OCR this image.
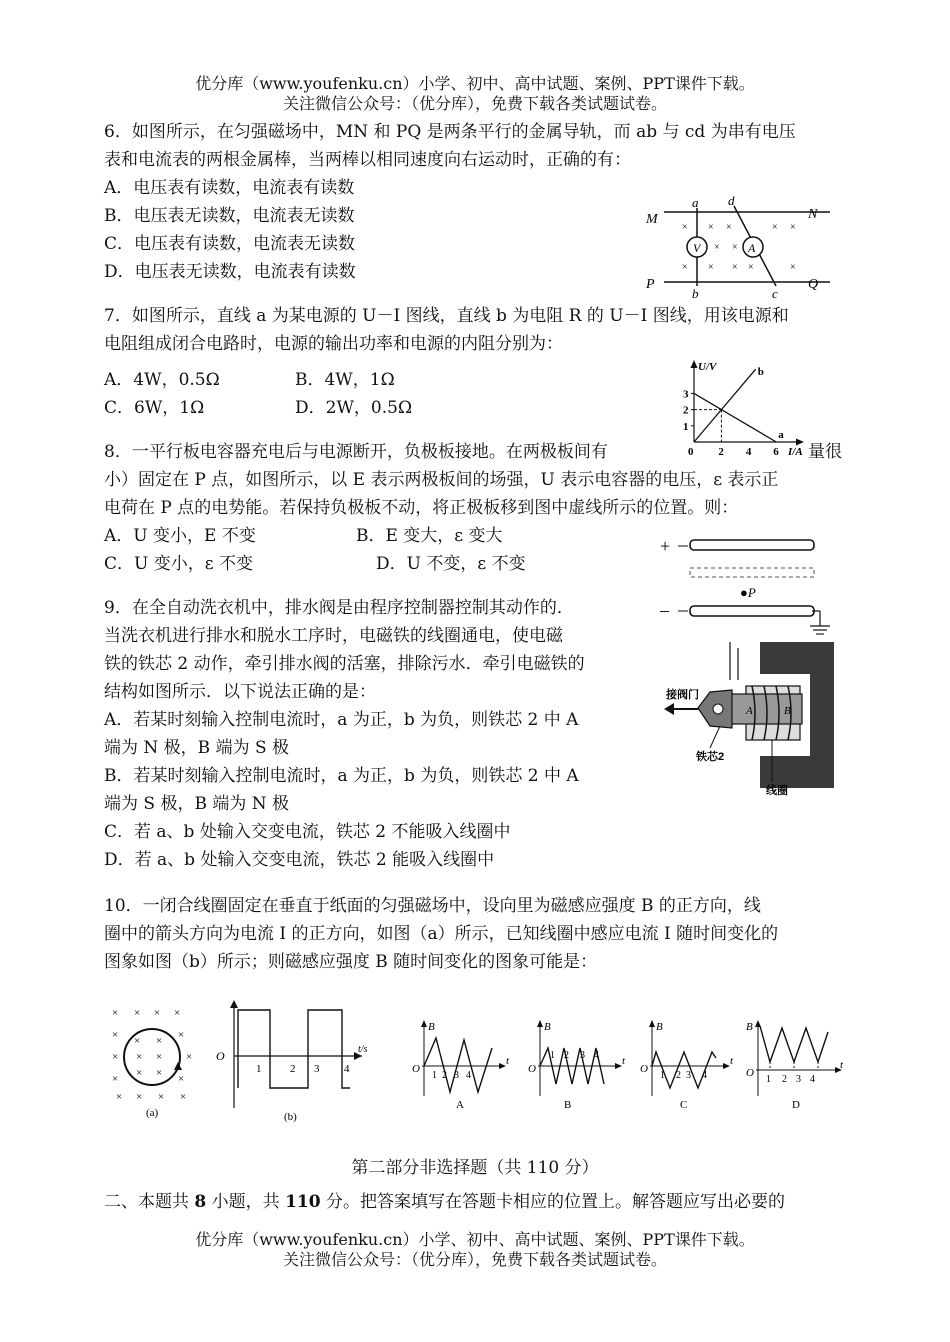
优分库（www.youfenku.cn）小学、初中、高中试题、案例、PPT课件下载。
关注微信公众号：（优分库），免费下载各类试题试卷。
6．如图所示，在匀强磁场中，MN 和 PQ 是两条平行的金属导轨，而 ab 与 cd 为串有电压
表和电流表的两根金属棒，当两棒以相同速度向右运动时，正确的有：
A．电压表有读数，电流表有读数
B．电压表无读数，电流表无读数
C．电压表有读数，电流表无读数
D．电压表无读数，电流表有读数
V	A
M	N
P	Q
a d
b	c
× × ×	× ×
× ×
× × × ×	×
7．如图所示，直线 a 为某电源的 U－I 图线，直线 b 为电阻 R 的 U－I 图线，用该电源和
电阻组成闭合电路时，电源的输出功率和电源的内阻分别为：
A．4W，0.5Ω	B．4W，1Ω
C．6W，1Ω	D．2W，0.5Ω
a
b
2 4 6
1
2
3
0	I/A
U/V
8．一平行板电容器充电后与电源断开，负极板接地。在两极板间有	量很
小）固定在 P 点，如图所示，以 E 表示两极板间的场强，U 表示电容器的电压，ε 表示正
电荷在 P 点的电势能。若保持负极板不动，将正极板移到图中虚线所示的位置。则：
A．U 变小，E 不变	B．E 变大，ε 变大
C．U 变小，ε 不变	D．U 不变，ε 不变
+
●P
–
9．在全自动洗衣机中，排水阀是由程序控制器控制其动作的．
当洗衣机进行排水和脱水工序时，电磁铁的线圈通电，使电磁
铁的铁芯 2 动作，牵引排水阀的活塞，排除污水．牵引电磁铁的
结构如图所示．以下说法正确的是：
A．若某时刻输入控制电流时，a 为正，b 为负，则铁芯 2 中 A
端为 N 极，B 端为 S 极
B．若某时刻输入控制电流时，a 为正，b 为负，则铁芯 2 中 A
端为 S 极，B 端为 N 极
C．若 a、b 处输入交变电流，铁芯 2 不能吸入线圈中
D．若 a、b 处输入交变电流，铁芯 2 能吸入线圈中
A	B
接阀门
铁芯2
线圈
10．一闭合线圈固定在垂直于纸面的匀强磁场中，设向里为磁感应强度 B 的正方向，线
圈中的箭头方向为电流 I 的正方向，如图（a）所示，已知线圈中感应电流 I 随时间变化的
图象如图（b）所示；则磁感应强度 B 随时间变化的图象可能是：
× × × ×
×	×
× × × ×
×	×
× ×
× ×
× × × ×
(a)
O
1	2 3 4
t/s
(b)
B
O
1 2 3 4
t
A
B
O
1 2 3 4 t
B
B
O
1 2 3 4
t
C
B
O
1 2 3 4
t
D
第二部分非选择题（共 110 分）
二、本题共 8 小题，共 110 分。把答案填写在答题卡相应的位置上。解答题应写出必要的
优分库（www.youfenku.cn）小学、初中、高中试题、案例、PPT课件下载。
关注微信公众号：（优分库），免费下载各类试题试卷。
